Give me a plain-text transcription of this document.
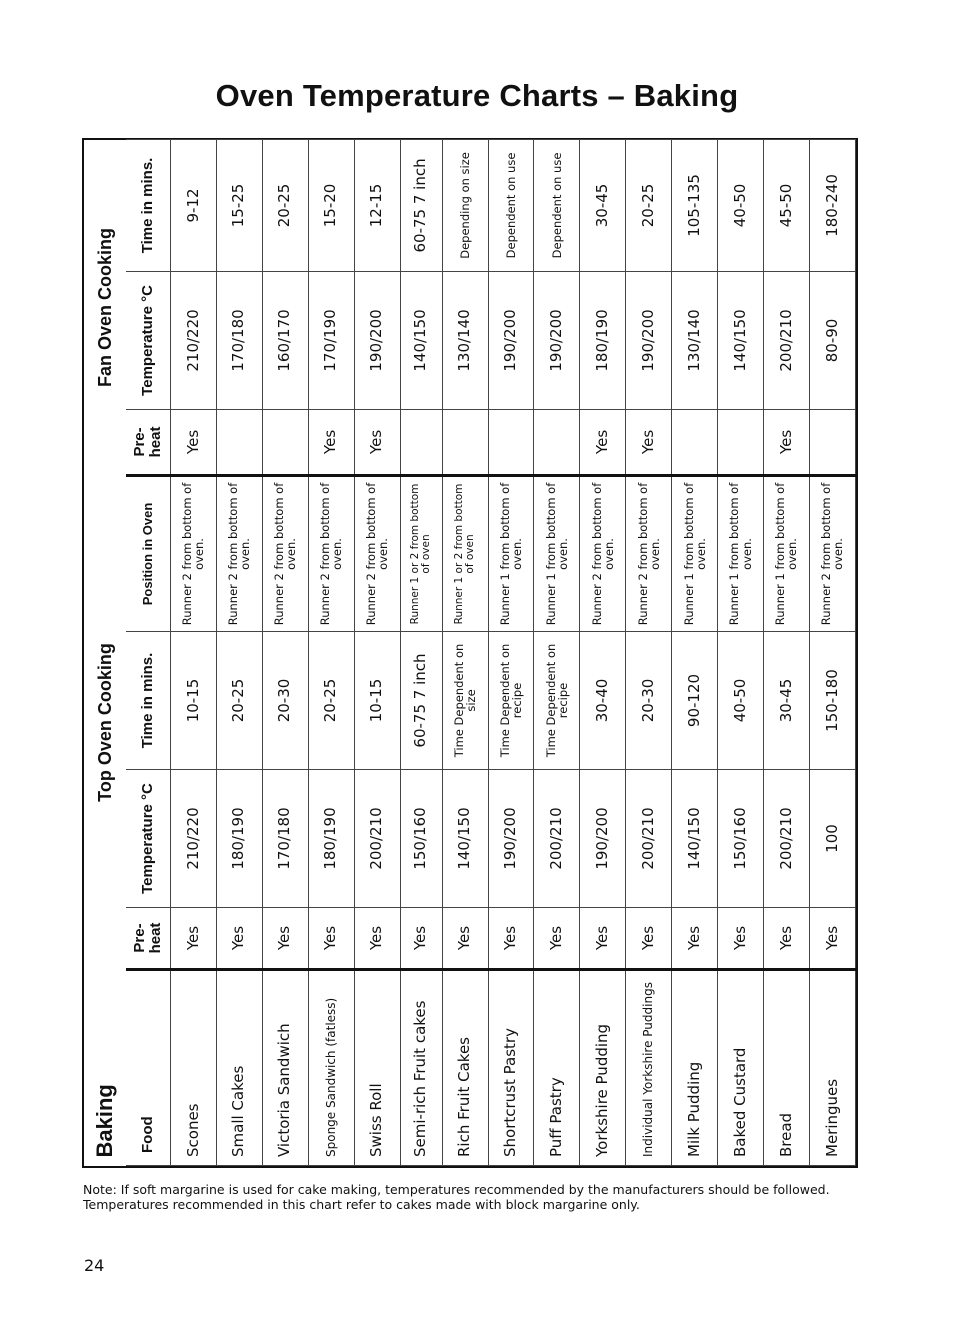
Oven Temperature Charts – Baking
Baking	Top Oven Cooking				Fan Oven Cooking		
Food	Pre-heat	Temperature °C	Time in mins.	Position in Oven	Pre-heat	Temperature °C	Time in mins.
Scones	Yes	210/220	10-15	Runner 2 from bottom of oven.	Yes	210/220	9-12
Small Cakes	Yes	180/190	20-25	Runner 2 from bottom of oven.		170/180	15-25
Victoria Sandwich	Yes	170/180	20-30	Runner 2 from bottom of oven.		160/170	20-25
Sponge Sandwich (fatless)	Yes	180/190	20-25	Runner 2 from bottom of oven.	Yes	170/190	15-20
Swiss Roll	Yes	200/210	10-15	Runner 2 from bottom of oven.	Yes	190/200	12-15
Semi-rich Fruit cakes	Yes	150/160	60-75 7 inch	Runner 1 or 2 from bottom of oven		140/150	60-75 7 inch
Rich Fruit Cakes	Yes	140/150	Time Dependent on size	Runner 1 or 2 from bottom of oven		130/140	Depending on size
Shortcrust Pastry	Yes	190/200	Time Dependent on recipe	Runner 1 from bottom of oven.		190/200	Dependent on use
Puff Pastry	Yes	200/210	Time Dependent on recipe	Runner 1 from bottom of oven.		190/200	Dependent on use
Yorkshire Pudding	Yes	190/200	30-40	Runner 2 from bottom of oven.	Yes	180/190	30-45
Individual Yorkshire Puddings	Yes	200/210	20-30	Runner 2 from bottom of oven.	Yes	190/200	20-25
Milk Pudding	Yes	140/150	90-120	Runner 1 from bottom of oven.		130/140	105-135
Baked Custard	Yes	150/160	40-50	Runner 1 from bottom of oven.		140/150	40-50
Bread	Yes	200/210	30-45	Runner 1 from bottom of oven.	Yes	200/210	45-50
Meringues	Yes	100	150-180	Runner 2 from bottom of oven.		80-90	180-240

Note: If soft margarine is used for cake making, temperatures recommended by the manufacturers should be followed. Temperatures recommended in this chart refer to cakes made with block margarine only.

24
